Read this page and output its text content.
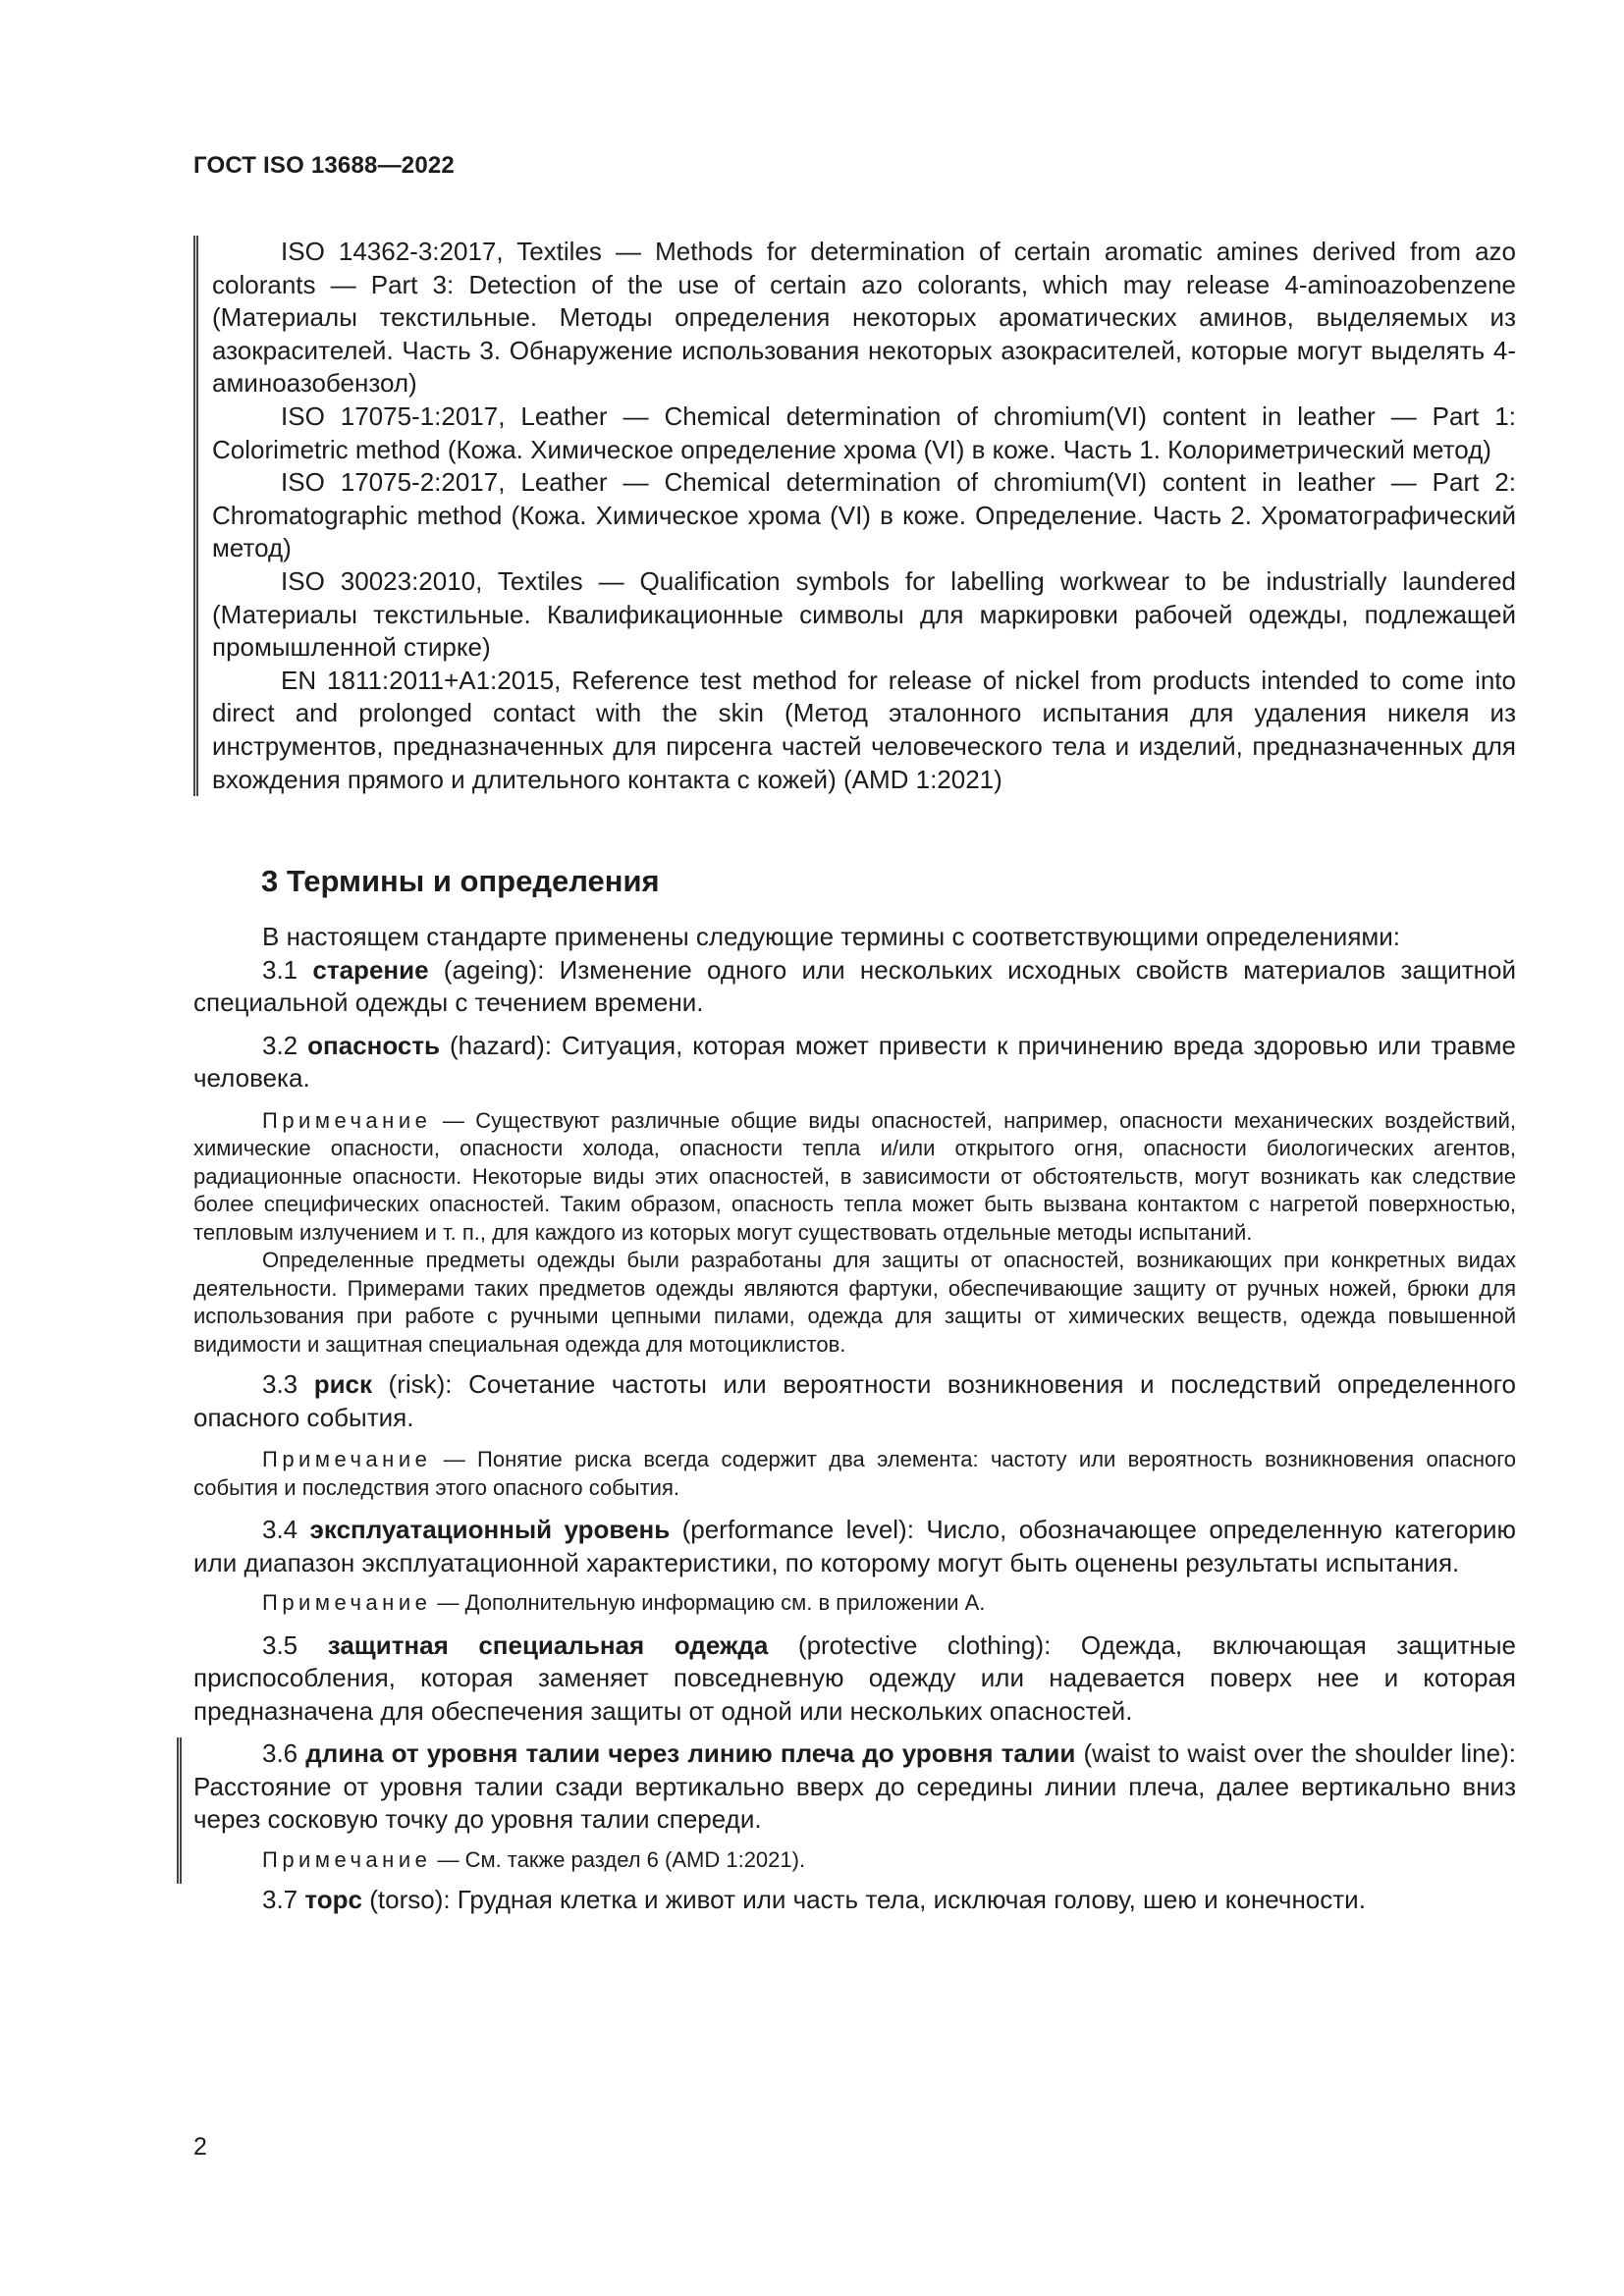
ГОСТ ISO 13688—2022

ISO 14362-3:2017, Textiles — Methods for determination of certain aromatic amines derived from azo colorants — Part 3: Detection of the use of certain azo colorants, which may release 4-aminoazobenzene (Материалы текстильные. Методы определения некоторых ароматических аминов, выделяемых из азокрасителей. Часть 3. Обнаружение использования некоторых азокрасителей, которые могут выделять 4-аминоазобензол)

ISO 17075-1:2017, Leather — Chemical determination of chromium(VI) content in leather — Part 1: Colorimetric method (Кожа. Химическое определение хрома (VI) в коже. Часть 1. Колориметрический метод)

ISO 17075-2:2017, Leather — Chemical determination of chromium(VI) content in leather — Part 2: Chromatographic method (Кожа. Химическое хрома (VI) в коже. Определение. Часть 2. Хроматографический метод)

ISO 30023:2010, Textiles — Qualification symbols for labelling workwear to be industrially laundered (Материалы текстильные. Квалификационные символы для маркировки рабочей одежды, подлежащей промышленной стирке)

EN 1811:2011+A1:2015, Reference test method for release of nickel from products intended to come into direct and prolonged contact with the skin (Метод эталонного испытания для удаления никеля из инструментов, предназначенных для пирсенга частей человеческого тела и изделий, предназначенных для вхождения прямого и длительного контакта с кожей) (AMD 1:2021)

3 Термины и определения

В настоящем стандарте применены следующие термины с соответствующими определениями:

3.1 старение (ageing): Изменение одного или нескольких исходных свойств материалов защитной специальной одежды с течением времени.

3.2 опасность (hazard): Ситуация, которая может привести к причинению вреда здоровью или травме человека.

Примечание — Существуют различные общие виды опасностей, например, опасности механических воздействий, химические опасности, опасности холода, опасности тепла и/или открытого огня, опасности биологических агентов, радиационные опасности. Некоторые виды этих опасностей, в зависимости от обстоятельств, могут возникать как следствие более специфических опасностей. Таким образом, опасность тепла может быть вызвана контактом с нагретой поверхностью, тепловым излучением и т. п., для каждого из которых могут существовать отдельные методы испытаний.

Определенные предметы одежды были разработаны для защиты от опасностей, возникающих при конкретных видах деятельности. Примерами таких предметов одежды являются фартуки, обеспечивающие защиту от ручных ножей, брюки для использования при работе с ручными цепными пилами, одежда для защиты от химических веществ, одежда повышенной видимости и защитная специальная одежда для мотоциклистов.

3.3 риск (risk): Сочетание частоты или вероятности возникновения и последствий определенного опасного события.

Примечание — Понятие риска всегда содержит два элемента: частоту или вероятность возникновения опасного события и последствия этого опасного события.

3.4 эксплуатационный уровень (performance level): Число, обозначающее определенную категорию или диапазон эксплуатационной характеристики, по которому могут быть оценены результаты испытания.

Примечание — Дополнительную информацию см. в приложении А.

3.5 защитная специальная одежда (protective clothing): Одежда, включающая защитные приспособления, которая заменяет повседневную одежду или надевается поверх нее и которая предназначена для обеспечения защиты от одной или нескольких опасностей.

3.6 длина от уровня талии через линию плеча до уровня талии (waist to waist over the shoulder line): Расстояние от уровня талии сзади вертикально вверх до середины линии плеча, далее вертикально вниз через сосковую точку до уровня талии спереди.

Примечание — См. также раздел 6 (AMD 1:2021).

3.7 торс (torso): Грудная клетка и живот или часть тела, исключая голову, шею и конечности.

2
